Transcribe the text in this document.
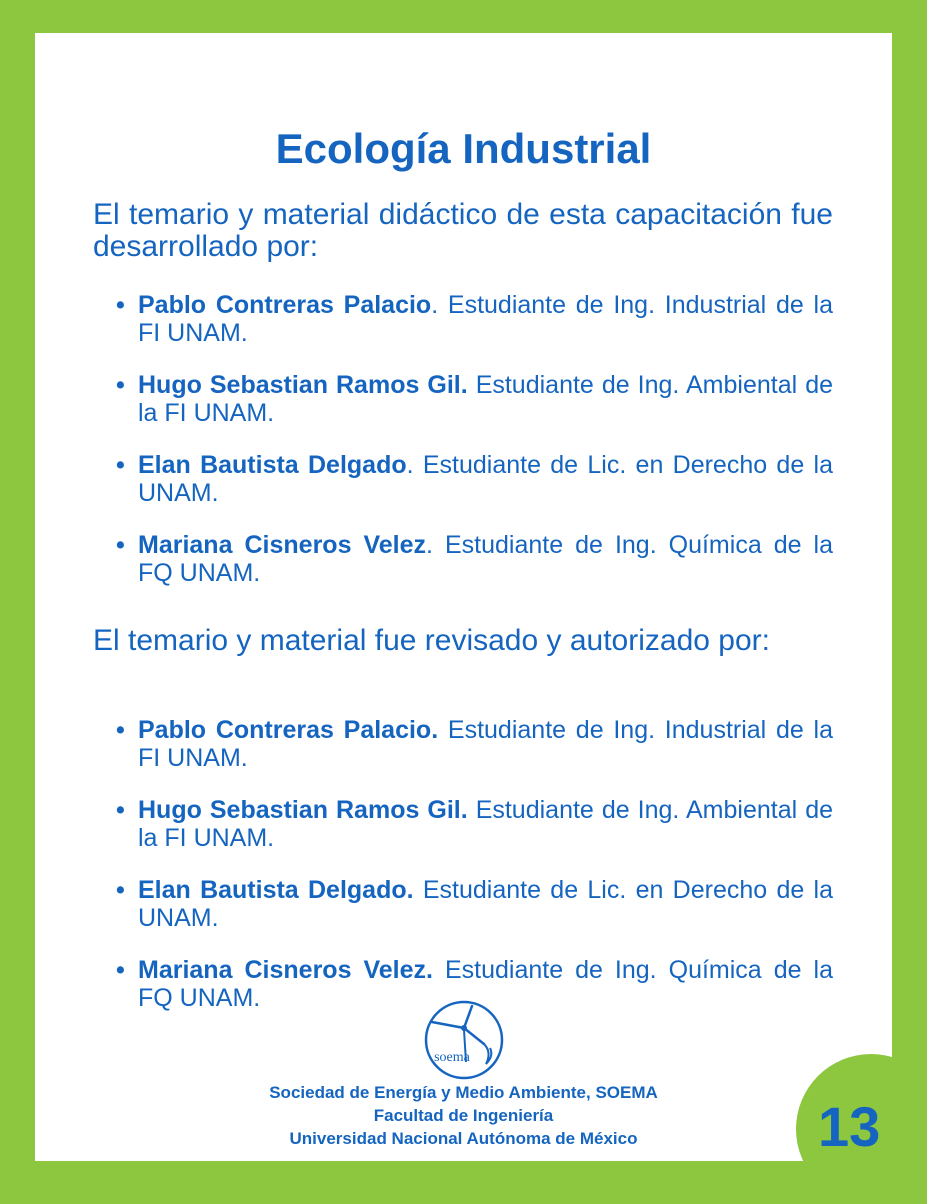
Ecología Industrial

El temario y material didáctico de esta capacitación fue desarrollado por:

• Pablo Contreras Palacio. Estudiante de Ing. Industrial de la FI UNAM.
• Hugo Sebastian Ramos Gil. Estudiante de Ing. Ambiental de la FI UNAM.
• Elan Bautista Delgado. Estudiante de Lic. en Derecho de la UNAM.
• Mariana Cisneros Velez. Estudiante de Ing. Química de la FQ UNAM.

El temario y material fue revisado y autorizado por:

• Pablo Contreras Palacio. Estudiante de Ing. Industrial de la FI UNAM.
• Hugo Sebastian Ramos Gil. Estudiante de Ing. Ambiental de la FI UNAM.
• Elan Bautista Delgado. Estudiante de Lic. en Derecho de la UNAM.
• Mariana Cisneros Velez. Estudiante de Ing. Química de la FQ UNAM.
soema
Sociedad de Energía y Medio Ambiente, SOEMA
Facultad de Ingeniería
Universidad Nacional Autónoma de México	13
